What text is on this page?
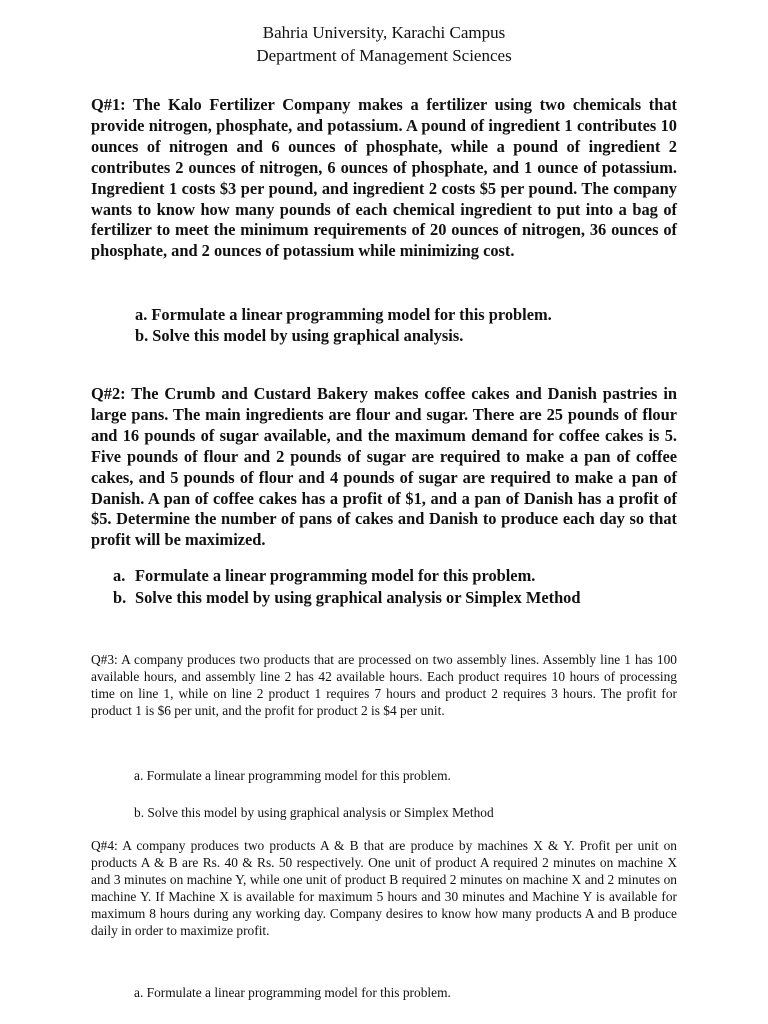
Bahria University, Karachi Campus
Department of Management Sciences
Q#1: The Kalo Fertilizer Company makes a fertilizer using two chemicals that provide nitrogen, phosphate, and potassium. A pound of ingredient 1 contributes 10 ounces of nitrogen and 6 ounces of phosphate, while a pound of ingredient 2 contributes 2 ounces of nitrogen, 6 ounces of phosphate, and 1 ounce of potassium. Ingredient 1 costs $3 per pound, and ingredient 2 costs $5 per pound. The company wants to know how many pounds of each chemical ingredient to put into a bag of fertilizer to meet the minimum requirements of 20 ounces of nitrogen, 36 ounces of phosphate, and 2 ounces of potassium while minimizing cost.
a. Formulate a linear programming model for this problem.
b. Solve this model by using graphical analysis.
Q#2: The Crumb and Custard Bakery makes coffee cakes and Danish pastries in large pans. The main ingredients are flour and sugar. There are 25 pounds of flour and 16 pounds of sugar available, and the maximum demand for coffee cakes is 5. Five pounds of flour and 2 pounds of sugar are required to make a pan of coffee cakes, and 5 pounds of flour and 4 pounds of sugar are required to make a pan of Danish. A pan of coffee cakes has a profit of $1, and a pan of Danish has a profit of $5. Determine the number of pans of cakes and Danish to produce each day so that profit will be maximized.
a. Formulate a linear programming model for this problem.
b. Solve this model by using graphical analysis or Simplex Method
Q#3: A company produces two products that are processed on two assembly lines. Assembly line 1 has 100 available hours, and assembly line 2 has 42 available hours. Each product requires 10 hours of processing time on line 1, while on line 2 product 1 requires 7 hours and product 2 requires 3 hours. The profit for product 1 is $6 per unit, and the profit for product 2 is $4 per unit.
a. Formulate a linear programming model for this problem.
b. Solve this model by using graphical analysis or Simplex Method
Q#4: A company produces two products A & B that are produce by machines X & Y. Profit per unit on products A & B are Rs. 40 & Rs. 50 respectively. One unit of product A required 2 minutes on machine X and 3 minutes on machine Y, while one unit of product B required 2 minutes on machine X and 2 minutes on machine Y. If Machine X is available for maximum 5 hours and 30 minutes and Machine Y is available for maximum 8 hours during any working day. Company desires to know how many products A and B produce daily in order to maximize profit.
a. Formulate a linear programming model for this problem.
